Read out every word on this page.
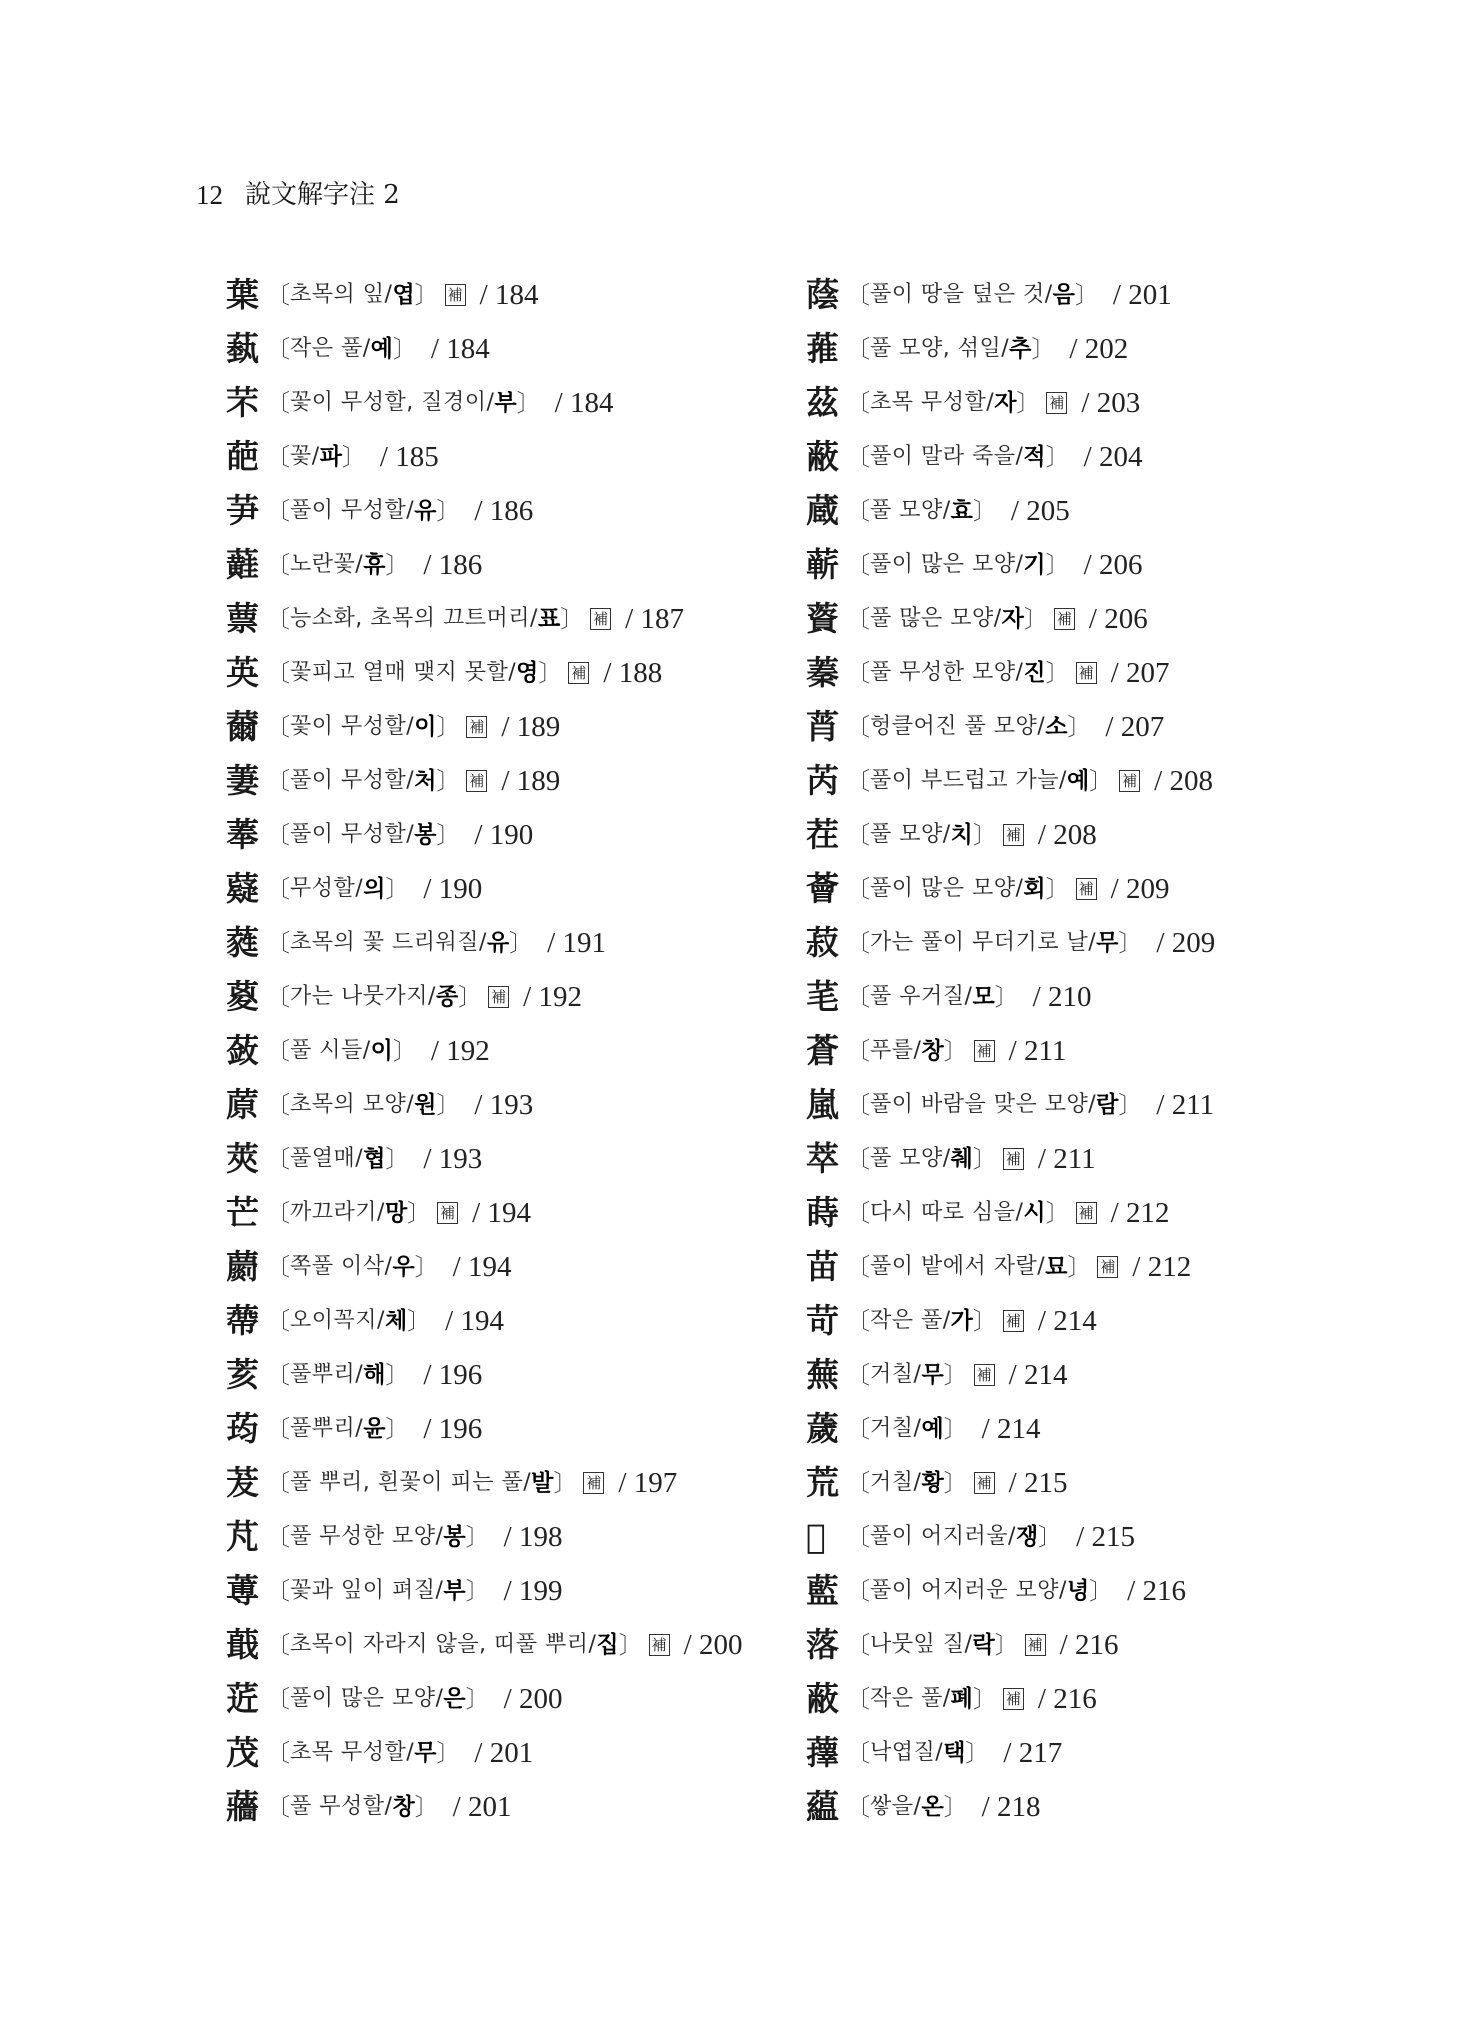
12 說文解字注 2
葉 〔 초목의 잎 / 엽 〕 補 / 184
蓺 〔 작은 풀 / 예 〕 / 184
芣 〔 꽃이 무성할, 질경이 / 부 〕 / 184
葩 〔 꽃 / 파 〕 / 185
芛 〔 풀이 무성할 / 유 〕 / 186
蘳 〔 노란꽃 / 휴 〕 / 186
蔈 〔 능소화, 초목의 끄트머리 / 표 〕 補 / 187
英 〔 꽃피고 열매 맺지 못할 / 영 〕 補 / 188
薾 〔 꽃이 무성할 / 이 〕 補 / 189
萋 〔 풀이 무성할 / 처 〕 補 / 189
菶 〔 풀이 무성할 / 봉 〕 / 190
薿 〔 무성할 / 의 〕 / 190
蕤 〔 초목의 꽃 드리워질 / 유 〕 / 191
葼 〔 가는 나뭇가지 / 종 〕 補 / 192
蔹 〔 풀 시들 / 이 〕 / 192
蒝 〔 초목의 모양 / 원 〕 / 193
莢 〔 풀열매 / 협 〕 / 193
芒 〔 까끄라기 / 망 〕 補 / 194
蘮 〔 쪽풀 이삭 / 우 〕 / 194
蔕 〔 오이꼭지 / 체 〕 / 194
荄 〔 풀뿌리 / 해 〕 / 196
荺 〔 풀뿌리 / 윤 〕 / 196
茇 〔 풀 뿌리, 흰꽃이 피는 풀 / 발 〕 補 / 197
芃 〔 풀 무성한 모양 / 봉 〕 / 198
蒪 〔 꽃과 잎이 펴질 / 부 〕 / 199
蕺 〔 초목이 자라지 않을, 띠풀 뿌리 / 집 〕 補 / 200
菦 〔 풀이 많은 모양 / 은 〕 / 200
茂 〔 초목 무성할 / 무 〕 / 201
蘠 〔 풀 무성할 / 창 〕 / 201
蔭 〔 풀이 땅을 덮은 것 / 음 〕 / 201
蓷 〔 풀 모양, 섞일 / 추 〕 / 202
茲 〔 초목 무성할 / 자 〕 補 / 203
蔽 〔 풀이 말라 죽을 / 적 〕 / 204
蔵 〔 풀 모양 / 효 〕 / 205
蕲 〔 풀이 많은 모양 / 기 〕 / 206
薋 〔 풀 많은 모양 / 자 〕 補 / 206
蓁 〔 풀 무성한 모양 / 진 〕 補 / 207
莦 〔 헝클어진 풀 모양 / 소 〕 / 207
芮 〔 풀이 부드럽고 가늘 / 예 〕 補 / 208
茬 〔 풀 모양 / 치 〕 補 / 208
薈 〔 풀이 많은 모양 / 회 〕 補 / 209
菽 〔 가는 풀이 무더기로 날 / 무 〕 / 209
芼 〔 풀 우거질 / 모 〕 / 210
蒼 〔 푸를 / 창 〕 補 / 211
嵐 〔 풀이 바람을 맞은 모양 / 람 〕 / 211
萃 〔 풀 모양 / 췌 〕 補 / 211
蒔 〔 다시 따로 심을 / 시 〕 補 / 212
苗 〔 풀이 밭에서 자랄 / 묘 〕 補 / 212
苛 〔 작은 풀 / 가 〕 補 / 214
蕪 〔 거칠 / 무 〕 補 / 214
薉 〔 거칠 / 예 〕 / 214
荒 〔 거칠 / 황 〕 補 / 215
𦱈 〔 풀이 어지러울 / 쟁 〕 / 215
藍 〔 풀이 어지러운 모양 / 녕 〕 / 216
落 〔 나뭇잎 질 / 락 〕 補 / 216
蔽 〔 작은 풀 / 폐 〕 補 / 216
蘀 〔 낙엽질 / 택 〕 / 217
藴 〔 쌓을 / 온 〕 / 218
